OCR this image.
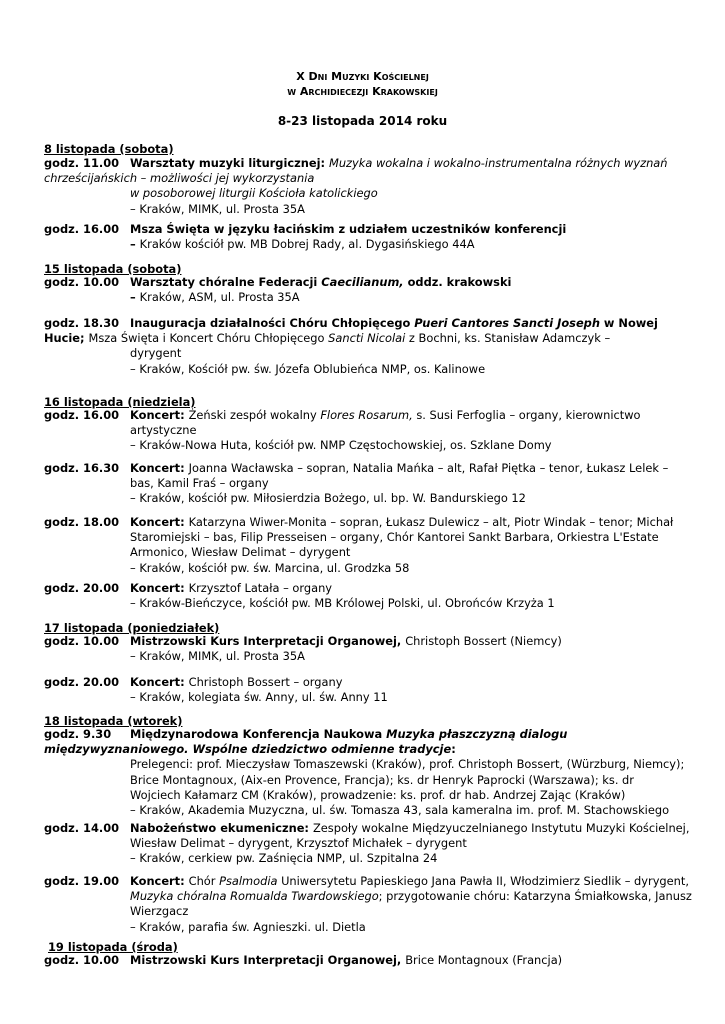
X Dni Muzyki Kościelnej
w Archidiecezji Krakowskiej
8-23 listopada 2014 roku
8 listopada (sobota)
15 listopada (sobota)
16 listopada (niedziela)
17 listopada (poniedziałek)
18 listopada (wtorek)
19 listopada (środa)
godz. 11.00 Warsztaty muzyki liturgicznej: Muzyka wokalna i wokalno-instrumentalna różnych wyznań
chrześcijańskich – możliwości jej wykorzystania
w posoborowej liturgii Kościoła katolickiego
– Kraków, MIMK, ul. Prosta 35A
godz. 16.00 Msza Święta w języku łacińskim z udziałem uczestników konferencji
– Kraków kościół pw. MB Dobrej Rady, al. Dygasińskiego 44A
godz. 10.00 Warsztaty chóralne Federacji Caecilianum, oddz. krakowski
– Kraków, ASM, ul. Prosta 35A
godz. 18.30 Inauguracja działalności Chóru Chłopięcego Pueri Cantores Sancti Joseph w Nowej
Hucie; Msza Święta i Koncert Chóru Chłopięcego Sancti Nicolai z Bochni, ks. Stanisław Adamczyk –
dyrygent
– Kraków, Kościół pw. św. Józefa Oblubieńca NMP, os. Kalinowe
godz. 16.00 Koncert: Żeński zespół wokalny Flores Rosarum, s. Susi Ferfoglia – organy, kierownictwo
artystyczne
– Kraków-Nowa Huta, kościół pw. NMP Częstochowskiej, os. Szklane Domy
godz. 16.30 Koncert: Joanna Wacławska – sopran, Natalia Mańka – alt, Rafał Piętka – tenor, Łukasz Lelek –
bas, Kamil Fraś – organy
– Kraków, kościół pw. Miłosierdzia Bożego, ul. bp. W. Bandurskiego 12
godz. 18.00 Koncert: Katarzyna Wiwer-Monita – sopran, Łukasz Dulewicz – alt, Piotr Windak – tenor; Michał
Staromiejski – bas, Filip Presseisen – organy, Chór Kantorei Sankt Barbara, Orkiestra L'Estate
Armonico, Wiesław Delimat – dyrygent
– Kraków, kościół pw. św. Marcina, ul. Grodzka 58
godz. 20.00 Koncert: Krzysztof Latała – organy
– Kraków-Bieńczyce, kościół pw. MB Królowej Polski, ul. Obrońców Krzyża 1
godz. 10.00 Mistrzowski Kurs Interpretacji Organowej, Christoph Bossert (Niemcy)
– Kraków, MIMK, ul. Prosta 35A
godz. 20.00 Koncert: Christoph Bossert – organy
– Kraków, kolegiata św. Anny, ul. św. Anny 11
godz. 9.30	Międzynarodowa Konferencja Naukowa Muzyka płaszczyzną dialogu
międzywyznaniowego. Wspólne dziedzictwo odmienne tradycje:
Prelegenci: prof. Mieczysław Tomaszewski (Kraków), prof. Christoph Bossert, (Würzburg, Niemcy);
Brice Montagnoux, (Aix-en Provence, Francja); ks. dr Henryk Paprocki (Warszawa); ks. dr
Wojciech Kałamarz CM (Kraków), prowadzenie: ks. prof. dr hab. Andrzej Zając (Kraków)
– Kraków, Akademia Muzyczna, ul. św. Tomasza 43, sala kameralna im. prof. M. Stachowskiego
godz. 14.00 Nabożeństwo ekumeniczne: Zespoły wokalne Międzyuczelnianego Instytutu Muzyki Kościelnej,
Wiesław Delimat – dyrygent, Krzysztof Michałek – dyrygent
– Kraków, cerkiew pw. Zaśnięcia NMP, ul. Szpitalna 24
godz. 19.00 Koncert: Chór Psalmodia Uniwersytetu Papieskiego Jana Pawła II, Włodzimierz Siedlik – dyrygent,
Muzyka chóralna Romualda Twardowskiego; przygotowanie chóru: Katarzyna Śmiałkowska, Janusz
Wierzgacz
– Kraków, parafia św. Agnieszki. ul. Dietla
godz. 10.00 Mistrzowski Kurs Interpretacji Organowej, Brice Montagnoux (Francja)
